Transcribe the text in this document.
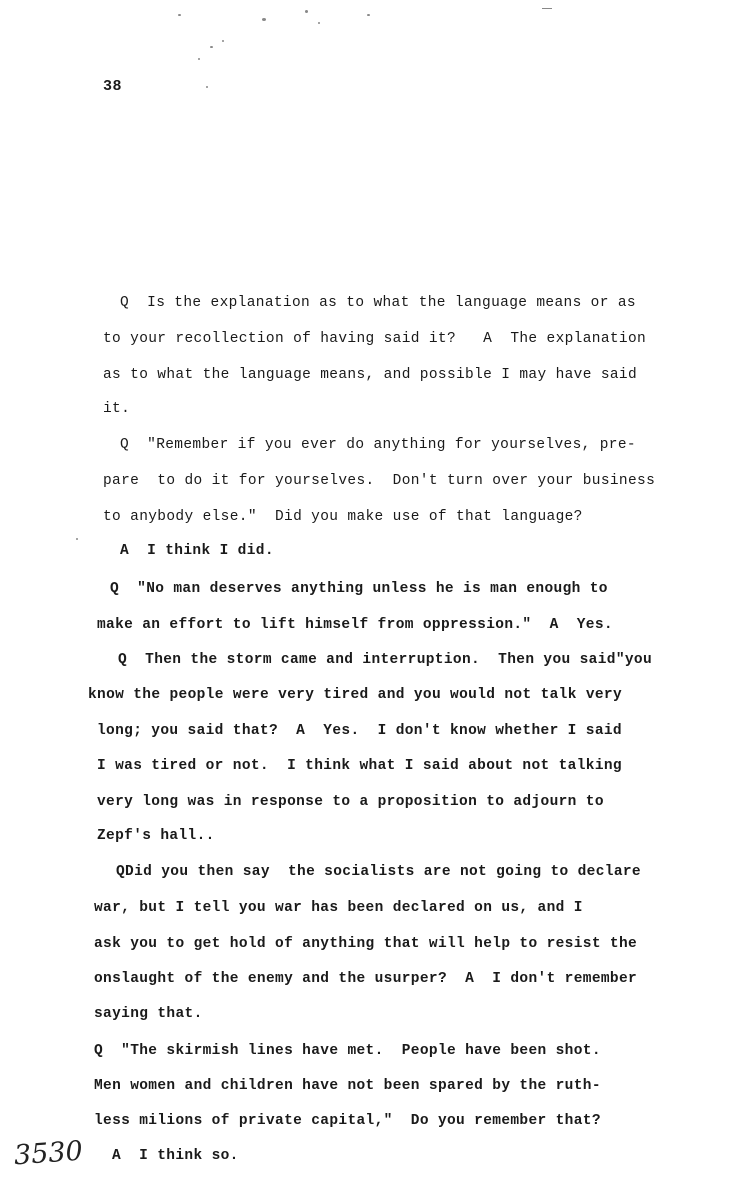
38
Q  Is the explanation as to what the language means or as
to your recollection of having said it?   A  The explanation
as to what the language means, and possible I may have said
it.
Q  "Remember if you ever do anything for yourselves, pre-
pare  to do it for yourselves.  Don't turn over your business
to anybody else."  Did you make use of that language?
A  I think I did.
Q  "No man deserves anything unless he is man enough to
make an effort to lift himself from oppression."  A  Yes.
Q  Then the storm came and interruption.  Then you said"you
know the people were very tired and you would not talk very
long; you said that?  A  Yes.  I don't know whether I said
I was tired or not.  I think what I said about not talking
very long was in response to a proposition to adjourn to
Zepf's hall..
QDid you then say  the socialists are not going to declare
war, but I tell you war has been declared on us, and I
ask you to get hold of anything that will help to resist the
onslaught of the enemy and the usurper?  A  I don't remember
saying that.
Q  "The skirmish lines have met.  People have been shot.
Men women and children have not been spared by the ruth-
less milions of private capital,"  Do you remember that?
A  I think so.
3530
